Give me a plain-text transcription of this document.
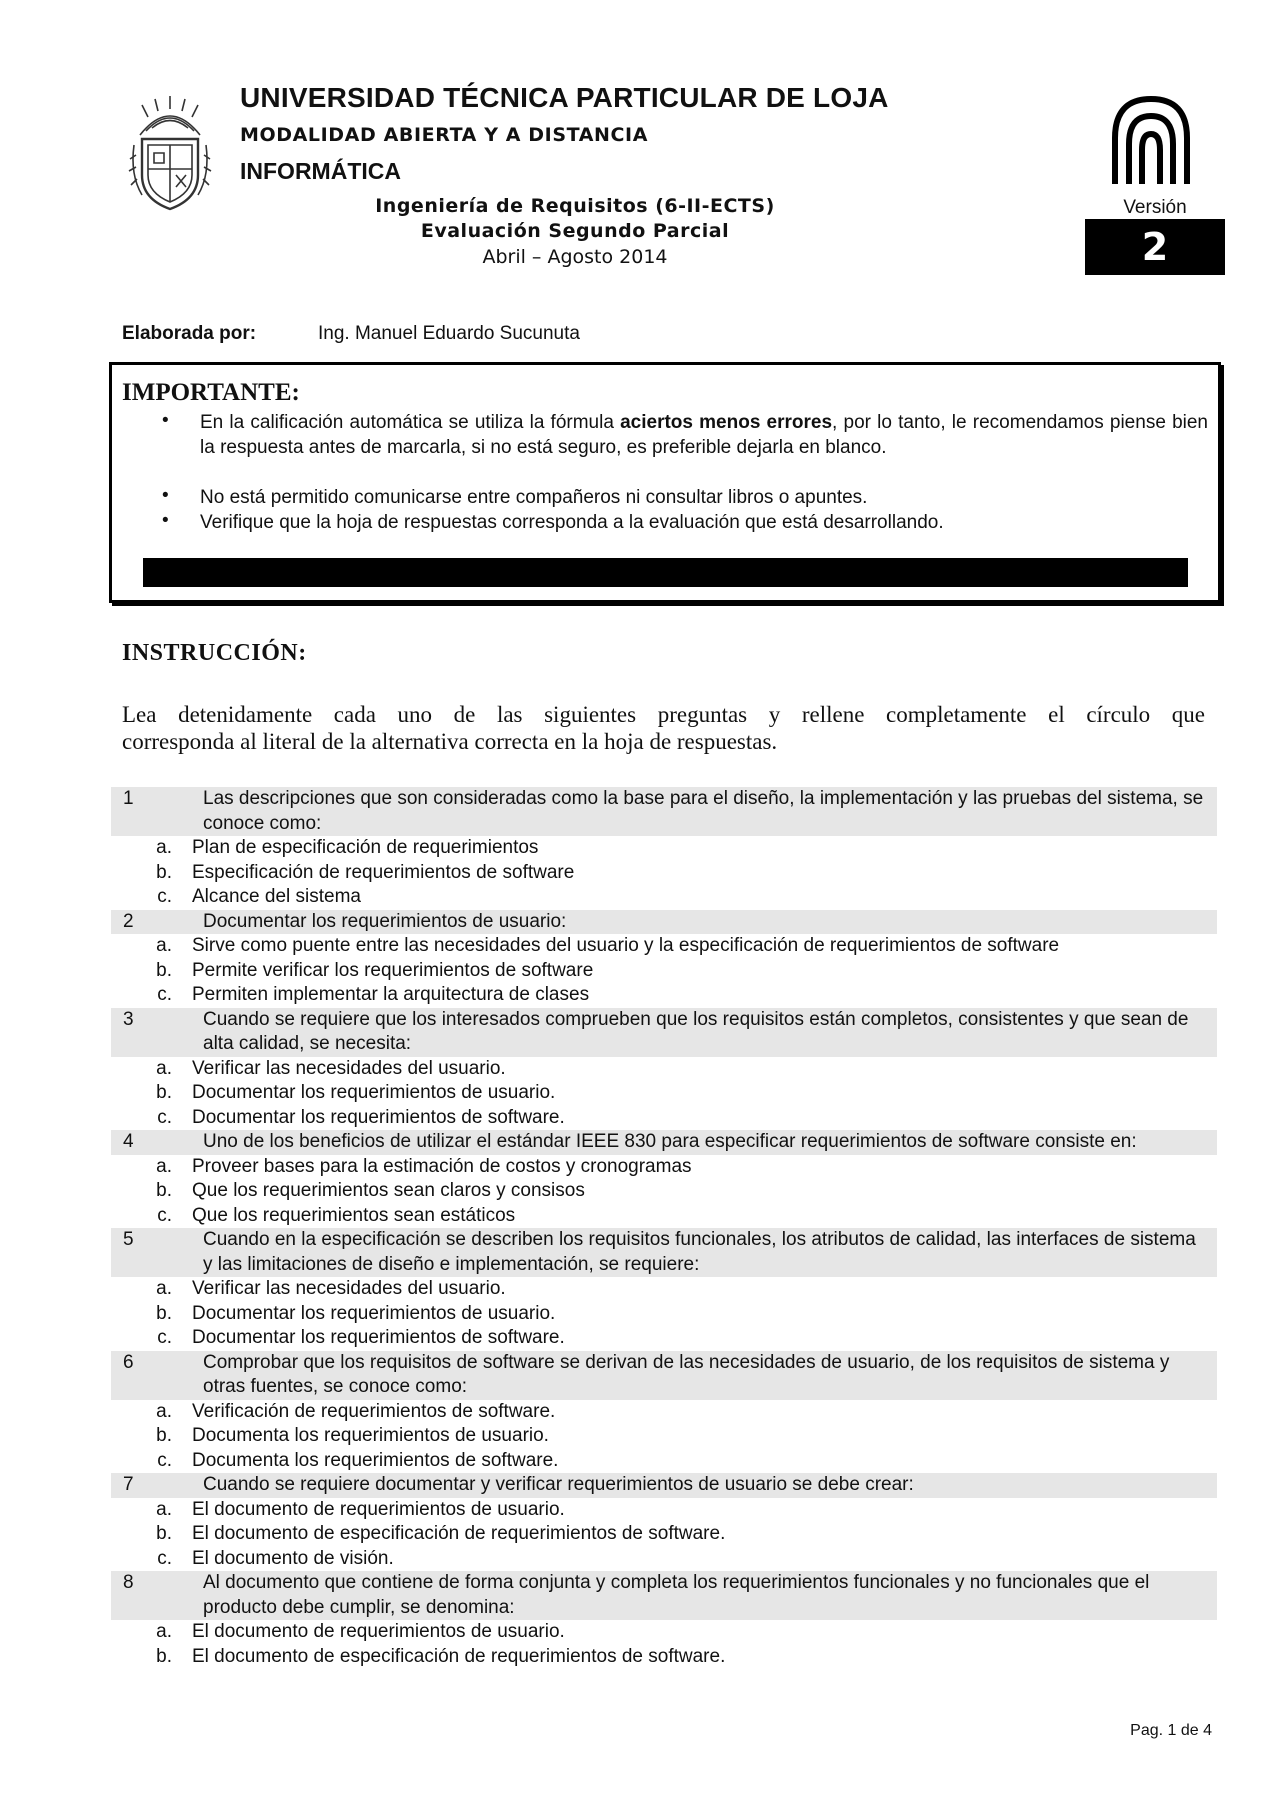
UNIVERSIDAD TÉCNICA PARTICULAR DE LOJA
MODALIDAD ABIERTA Y A DISTANCIA
INFORMÁTICA
Ingeniería de Requisitos (6-II-ECTS)
Evaluación Segundo Parcial
Abril – Agosto 2014
Versión
2
Elaborada por:	Ing. Manuel Eduardo Sucunuta
IMPORTANTE:
• En la calificación automática se utiliza la fórmula aciertos menos errores, por lo tanto, le recomendamos piense bien la respuesta antes de marcarla, si no está seguro, es preferible dejarla en blanco.
• No está permitido comunicarse entre compañeros ni consultar libros o apuntes.
• Verifique que la hoja de respuestas corresponda a la evaluación que está desarrollando.
INSTRUCCIÓN:
Lea detenidamente cada uno de las siguientes preguntas y rellene completamente el círculo que
corresponda al literal de la alternativa correcta en la hoja de respuestas.
1	Las descripciones que son consideradas como la base para el diseño, la implementación y las pruebas del sistema, se conoce como:
a.	Plan de especificación de requerimientos
b.	Especificación de requerimientos de software
c.	Alcance del sistema
2	Documentar los requerimientos de usuario:
a.	Sirve como puente entre las necesidades del usuario y la especificación de requerimientos de software
b.	Permite verificar los requerimientos de software
c.	Permiten implementar la arquitectura de clases
3	Cuando se requiere que los interesados comprueben que los requisitos están completos, consistentes y que sean de alta calidad, se necesita:
a.	Verificar las necesidades del usuario.
b.	Documentar los requerimientos de usuario.
c.	Documentar los requerimientos de software.
4	Uno de los beneficios de utilizar el estándar IEEE 830 para especificar requerimientos de software consiste en:
a.	Proveer bases para la estimación de costos y cronogramas
b.	Que los requerimientos sean claros y consisos
c.	Que los requerimientos sean estáticos
5	Cuando en la especificación se describen los requisitos funcionales, los atributos de calidad, las interfaces de sistema y las limitaciones de diseño e implementación, se requiere:
a.	Verificar las necesidades del usuario.
b.	Documentar los requerimientos de usuario.
c.	Documentar los requerimientos de software.
6	Comprobar que los requisitos de software se derivan de las necesidades de usuario, de los requisitos de sistema y otras fuentes, se conoce como:
a.	Verificación de requerimientos de software.
b.	Documenta los requerimientos de usuario.
c.	Documenta los requerimientos de software.
7	Cuando se requiere documentar y verificar requerimientos de usuario se debe crear:
a.	El documento de requerimientos de usuario.
b.	El documento de especificación de requerimientos de software.
c.	El documento de visión.
8	Al documento que contiene de forma conjunta y completa los requerimientos funcionales y no funcionales que el producto debe cumplir, se denomina:
a.	El documento de requerimientos de usuario.
b.	El documento de especificación de requerimientos de software.
Pag. 1 de 4
